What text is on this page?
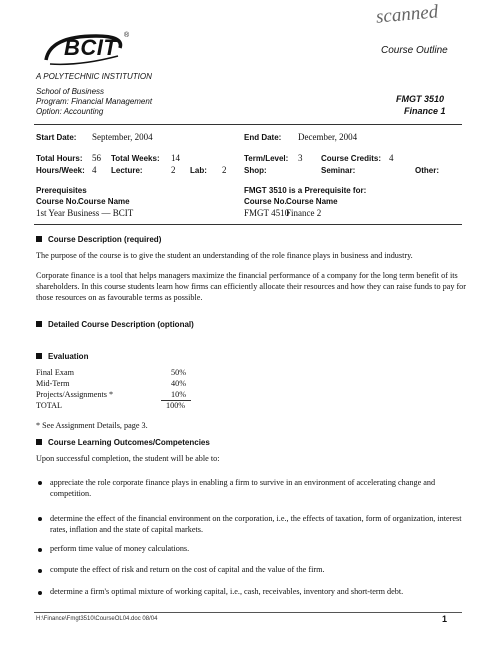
scanned
BCIT ®
A POLYTECHNIC INSTITUTION
Course Outline
School of Business
Program: Financial Management
Option: Accounting
FMGT 3510
Finance 1
Start Date: September, 2004	End Date: December, 2004
Total Hours: 56 Total Weeks: 14	Term/Level: 3 Course Credits: 4
Hours/Week: 4 Lecture:	2 Lab: 2 Shop:	Seminar:	Other:
Prerequisites
Course No. Course Name
1st Year Business — BCIT
FMGT 3510 is a Prerequisite for:
Course No. Course Name
FMGT 4510
Finance 2
Course Description (required)
The purpose of the course is to give the student an understanding of the role finance plays in business and industry.
Corporate finance is a tool that helps managers maximize the financial performance of a company for the long term benefit of its shareholders. In this course students learn how firms can efficiently allocate their resources and how they can raise funds to pay for those resources on as favourable terms as possible.
Detailed Course Description (optional)
Evaluation
Final Exam	50%
Mid-Term	40%
Projects/Assignments *	10%
TOTAL	100%
* See Assignment Details, page 3.
Course Learning Outcomes/Competencies
Upon successful completion, the student will be able to:
appreciate the role corporate finance plays in enabling a firm to survive in an environment of accelerating change and competition.
determine the effect of the financial environment on the corporation, i.e., the effects of taxation, form of organization, interest rates, inflation and the state of capital markets.
perform time value of money calculations.
compute the effect of risk and return on the cost of capital and the value of the firm.
determine a firm's optimal mixture of working capital, i.e., cash, receivables, inventory and short-term debt.
H:\Finance\Fmgt3510\CourseOL04.doc 08/04	1
